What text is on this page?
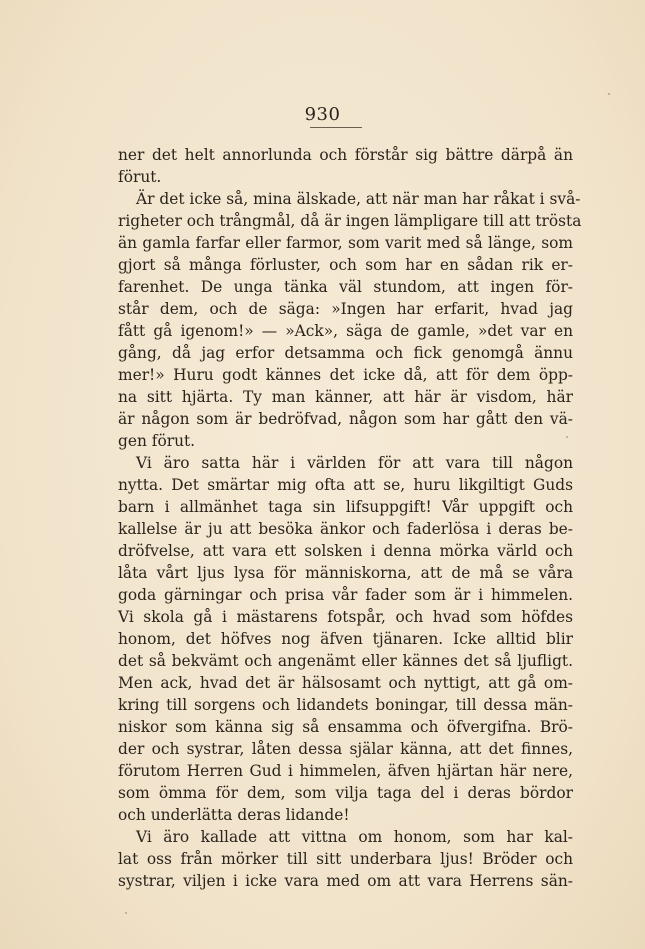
930
ner det helt annorlunda och förstår sig bättre därpå än
förut.
Är det icke så, mina älskade, att när man har råkat i svå-
righeter och trångmål, då är ingen lämpligare till att trösta
än gamla farfar eller farmor, som varit med så länge, som
gjort så många förluster, och som har en sådan rik er-
farenhet. De unga tänka väl stundom, att ingen för-
står dem, och de säga: »Ingen har erfarit, hvad jag
fått gå igenom!» — »Ack», säga de gamle, »det var en
gång, då jag erfor detsamma och fick genomgå ännu
mer!» Huru godt kännes det icke då, att för dem öpp-
na sitt hjärta. Ty man känner, att här är visdom, här
är någon som är bedröfvad, någon som har gått den vä-
gen förut.
Vi äro satta här i världen för att vara till någon
nytta. Det smärtar mig ofta att se, huru likgiltigt Guds
barn i allmänhet taga sin lifsuppgift! Vår uppgift och
kallelse är ju att besöka änkor och faderlösa i deras be-
dröfvelse, att vara ett solsken i denna mörka värld och
låta vårt ljus lysa för människorna, att de må se våra
goda gärningar och prisa vår fader som är i himmelen.
Vi skola gå i mästarens fotspår, och hvad som höfdes
honom, det höfves nog äfven tjänaren. Icke alltid blir
det så bekvämt och angenämt eller kännes det så ljufligt.
Men ack, hvad det är hälsosamt och nyttigt, att gå om-
kring till sorgens och lidandets boningar, till dessa män-
niskor som känna sig så ensamma och öfvergifna. Brö-
der och systrar, låten dessa själar känna, att det finnes,
förutom Herren Gud i himmelen, äfven hjärtan här nere,
som ömma för dem, som vilja taga del i deras bördor
och underlätta deras lidande!
Vi äro kallade att vittna om honom, som har kal-
lat oss från mörker till sitt underbara ljus! Bröder och
systrar, viljen i icke vara med om att vara Herrens sän-
